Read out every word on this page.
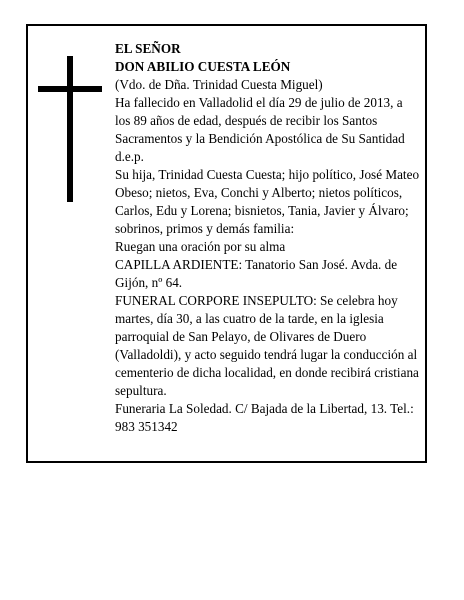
EL SEÑOR

DON ABILIO CUESTA LEÓN

(Vdo. de Dña. Trinidad Cuesta Miguel)

Ha fallecido en Valladolid el día 29 de julio de 2013, a los 89 años de edad, después de recibir los Santos Sacramentos y la Bendición Apostólica de Su Santidad

d.e.p.

Su hija, Trinidad Cuesta Cuesta; hijo político, José Mateo Obeso; nietos, Eva, Conchi y Alberto; nietos políticos, Carlos, Edu y Lorena; bisnietos, Tania, Javier y Álvaro; sobrinos, primos y demás familia:

Ruegan una oración por su alma

CAPILLA ARDIENTE: Tanatorio San José. Avda. de Gijón, nº 64.

FUNERAL CORPORE INSEPULTO: Se celebra hoy martes, día 30, a las cuatro de la tarde, en la iglesia parroquial de San Pelayo, de Olivares de Duero (Valladoldi), y acto seguido tendrá lugar la conducción al cementerio de dicha localidad, en donde recibirá cristiana sepultura.

Funeraria La Soledad. C/ Bajada de la Libertad, 13. Tel.: 983 351342
